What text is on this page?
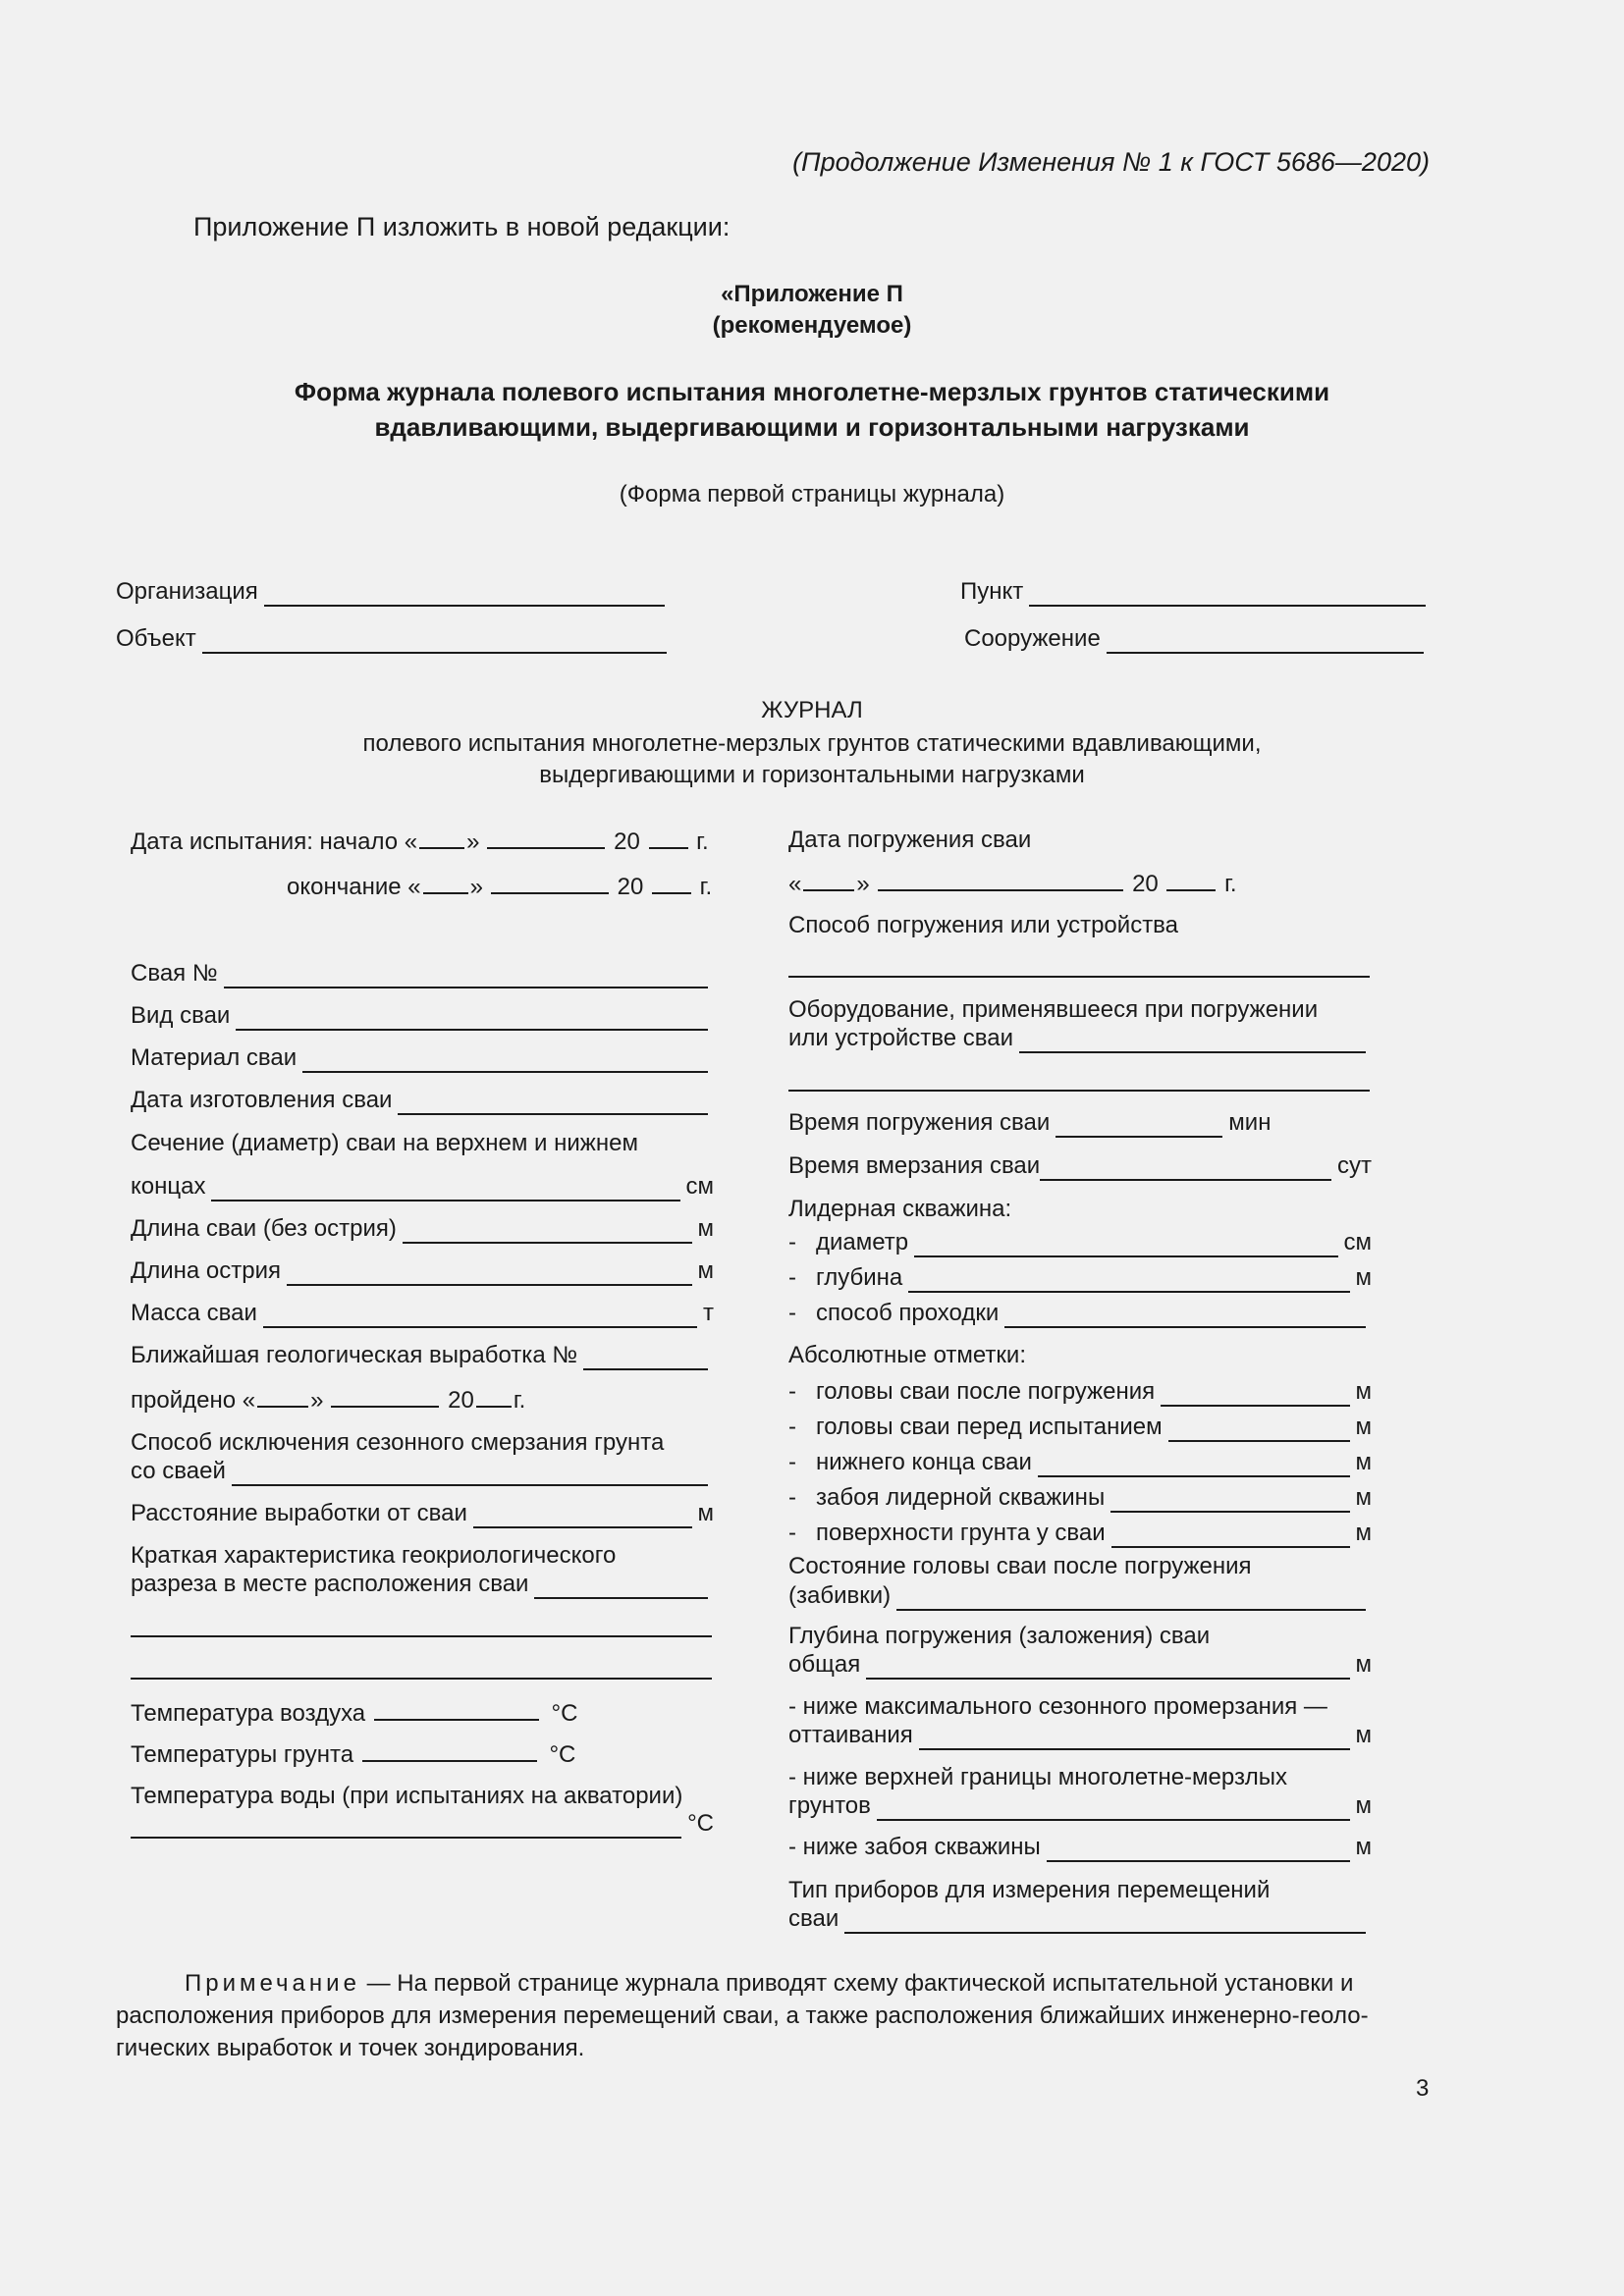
(Продолжение Изменения № 1 к ГОСТ 5686—2020)
Приложение П изложить в новой редакции:
«Приложение П
(рекомендуемое)
Форма журнала полевого испытания многолетне-мерзлых грунтов статическими
вдавливающими, выдергивающими и горизонтальными нагрузками
(Форма первой страницы журнала)
Организация
Объект
Пункт
Сооружение
ЖУРНАЛ
полевого испытания многолетне-мерзлых грунтов статическими вдавливающими,
выдергивающими и горизонтальными нагрузками
Дата испытания: начало « »	20 г.
окончание « »	20 г.
Свая №
Вид сваи
Материал сваи
Дата изготовления сваи
Сечение (диаметр) сваи на верхнем и нижнем
концах	см
Длина сваи (без острия)	м
Длина острия	м
Масса сваи	т
Ближайшая геологическая выработка №
пройдено « »	20 г.
Способ исключения сезонного смерзания грунта
со сваей
Расстояние выработки от сваи	м
Краткая характеристика геокриологического
разреза в месте расположения сваи
Температура воздуха	°С
Температуры грунта	°С
Температура воды (при испытаниях на акватории)
°С
Дата погружения сваи
« »	20	г.
Способ погружения или устройства
Оборудование, применявшееся при погружении
или устройстве сваи
Время погружения сваи	мин
Время вмерзания сваи	сут
Лидерная скважина:
- диаметр	см
- глубина	м
- способ проходки
Абсолютные отметки:
- головы сваи после погружения	м
- головы сваи перед испытанием	м
- нижнего конца сваи	м
- забоя лидерной скважины	м
- поверхности грунта у сваи	м
Состояние головы сваи после погружения
(забивки)
Глубина погружения (заложения) сваи
общая	м
- ниже максимального сезонного промерзания —
оттаивания	м
- ниже верхней границы многолетне-мерзлых
грунтов	м
- ниже забоя скважины	м
Тип приборов для измерения перемещений
сваи
Примечание — На первой странице журнала приводят схему фактической испытательной установки и
расположения приборов для измерения перемещений сваи, а также расположения ближайших инженерно-геоло-
гических выработок и точек зондирования.
3
